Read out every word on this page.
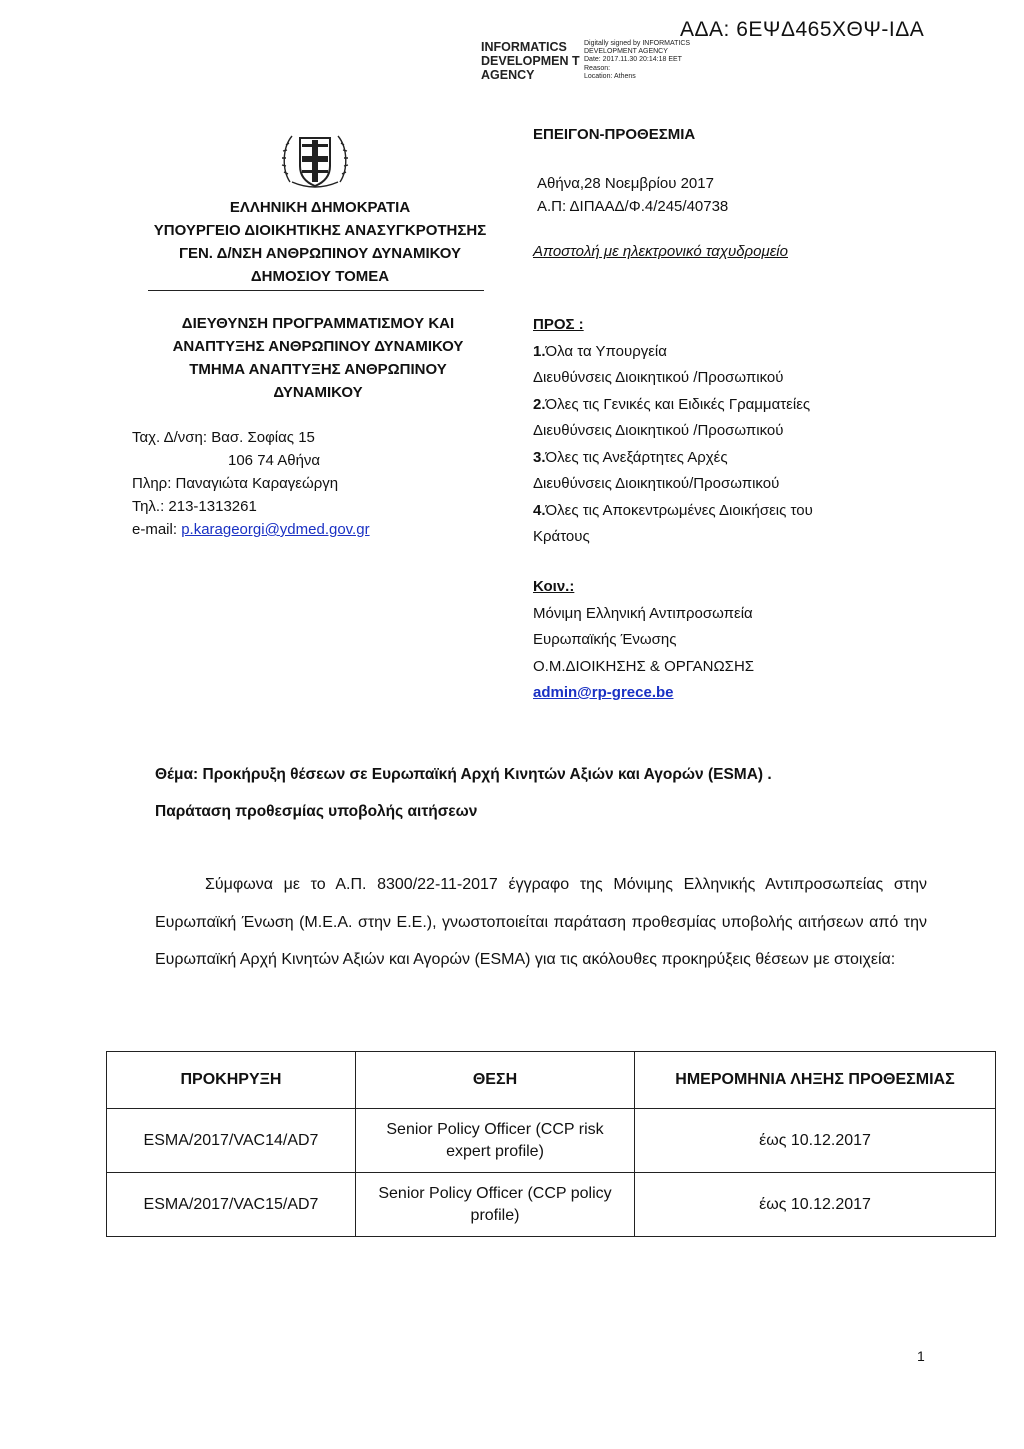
ΑΔΑ: 6ΕΨΔ465ΧΘΨ-ΙΔΑ
INFORMATICS DEVELOPMEN T AGENCY
Digitally signed by INFORMATICS DEVELOPMENT AGENCY
Date: 2017.11.30 20:14:18 EET
Reason:
Location: Athens
ΕΛΛΗΝΙΚΗ ΔΗΜΟΚΡΑΤΙΑ
ΥΠΟΥΡΓΕΙΟ ΔΙΟΙΚΗΤΙΚΗΣ ΑΝΑΣΥΓΚΡΟΤΗΣΗΣ
ΓΕΝ. Δ/ΝΣΗ ΑΝΘΡΩΠΙΝΟΥ ΔΥΝΑΜΙΚΟΥ
ΔΗΜΟΣΙΟΥ ΤΟΜΕΑ
ΔΙΕΥΘΥΝΣΗ ΠΡΟΓΡΑΜΜΑΤΙΣΜΟΥ ΚΑΙ
ΑΝΑΠΤΥΞΗΣ ΑΝΘΡΩΠΙΝΟΥ ΔΥΝΑΜΙΚΟΥ
ΤΜΗΜΑ ΑΝΑΠΤΥΞΗΣ ΑΝΘΡΩΠΙΝΟΥ
ΔΥΝΑΜΙΚΟΥ
Ταχ. Δ/νση: Βασ. Σοφίας 15
106 74 Αθήνα
Πληρ: Παναγιώτα Καραγεώργη
Τηλ.: 213-1313261
e-mail: p.karageorgi@ydmed.gov.gr
ΕΠΕΙΓΟΝ-ΠΡΟΘΕΣΜΙΑ
Αθήνα,28 Νοεμβρίου 2017
Α.Π: ΔΙΠΑΑΔ/Φ.4/245/40738
Αποστολή με ηλεκτρονικό ταχυδρομείο
ΠΡΟΣ :
1.Όλα τα Υπουργεία
Διευθύνσεις Διοικητικού /Προσωπικού
2.Όλες τις Γενικές και Ειδικές Γραμματείες
Διευθύνσεις Διοικητικού /Προσωπικού
3.Όλες τις Ανεξάρτητες Αρχές
Διευθύνσεις Διοικητικού/Προσωπικού
4.Όλες τις Αποκεντρωμένες Διοικήσεις του
Κράτους
Κοιν.:
Μόνιμη Ελληνική Αντιπροσωπεία
Ευρωπαϊκής Ένωσης
Ο.Μ.ΔΙΟΙΚΗΣΗΣ & ΟΡΓΑΝΩΣΗΣ
admin@rp-grece.be
Θέμα: Προκήρυξη θέσεων σε Ευρωπαϊκή Αρχή Κινητών Αξιών και Αγορών (ESMA) .
Παράταση προθεσμίας υποβολής αιτήσεων

Σύμφωνα με το Α.Π. 8300/22-11-2017 έγγραφο της Μόνιμης Ελληνικής Αντιπροσωπείας στην Ευρωπαϊκή Ένωση (Μ.Ε.Α. στην Ε.Ε.), γνωστοποιείται παράταση προθεσμίας υποβολής αιτήσεων από την Ευρωπαϊκή Αρχή Κινητών Αξιών και Αγορών (ESMA) για τις ακόλουθες προκηρύξεις θέσεων με στοιχεία:

ΠΡΟΚΗΡΥΞΗ	ΘΕΣΗ	ΗΜΕΡΟΜΗΝΙΑ ΛΗΞΗΣ ΠΡΟΘΕΣΜΙΑΣ
ESMA/2017/VAC14/AD7	Senior Policy Officer (CCP risk expert profile)	έως 10.12.2017
ESMA/2017/VAC15/AD7	Senior Policy Officer (CCP policy profile)	έως 10.12.2017
1
